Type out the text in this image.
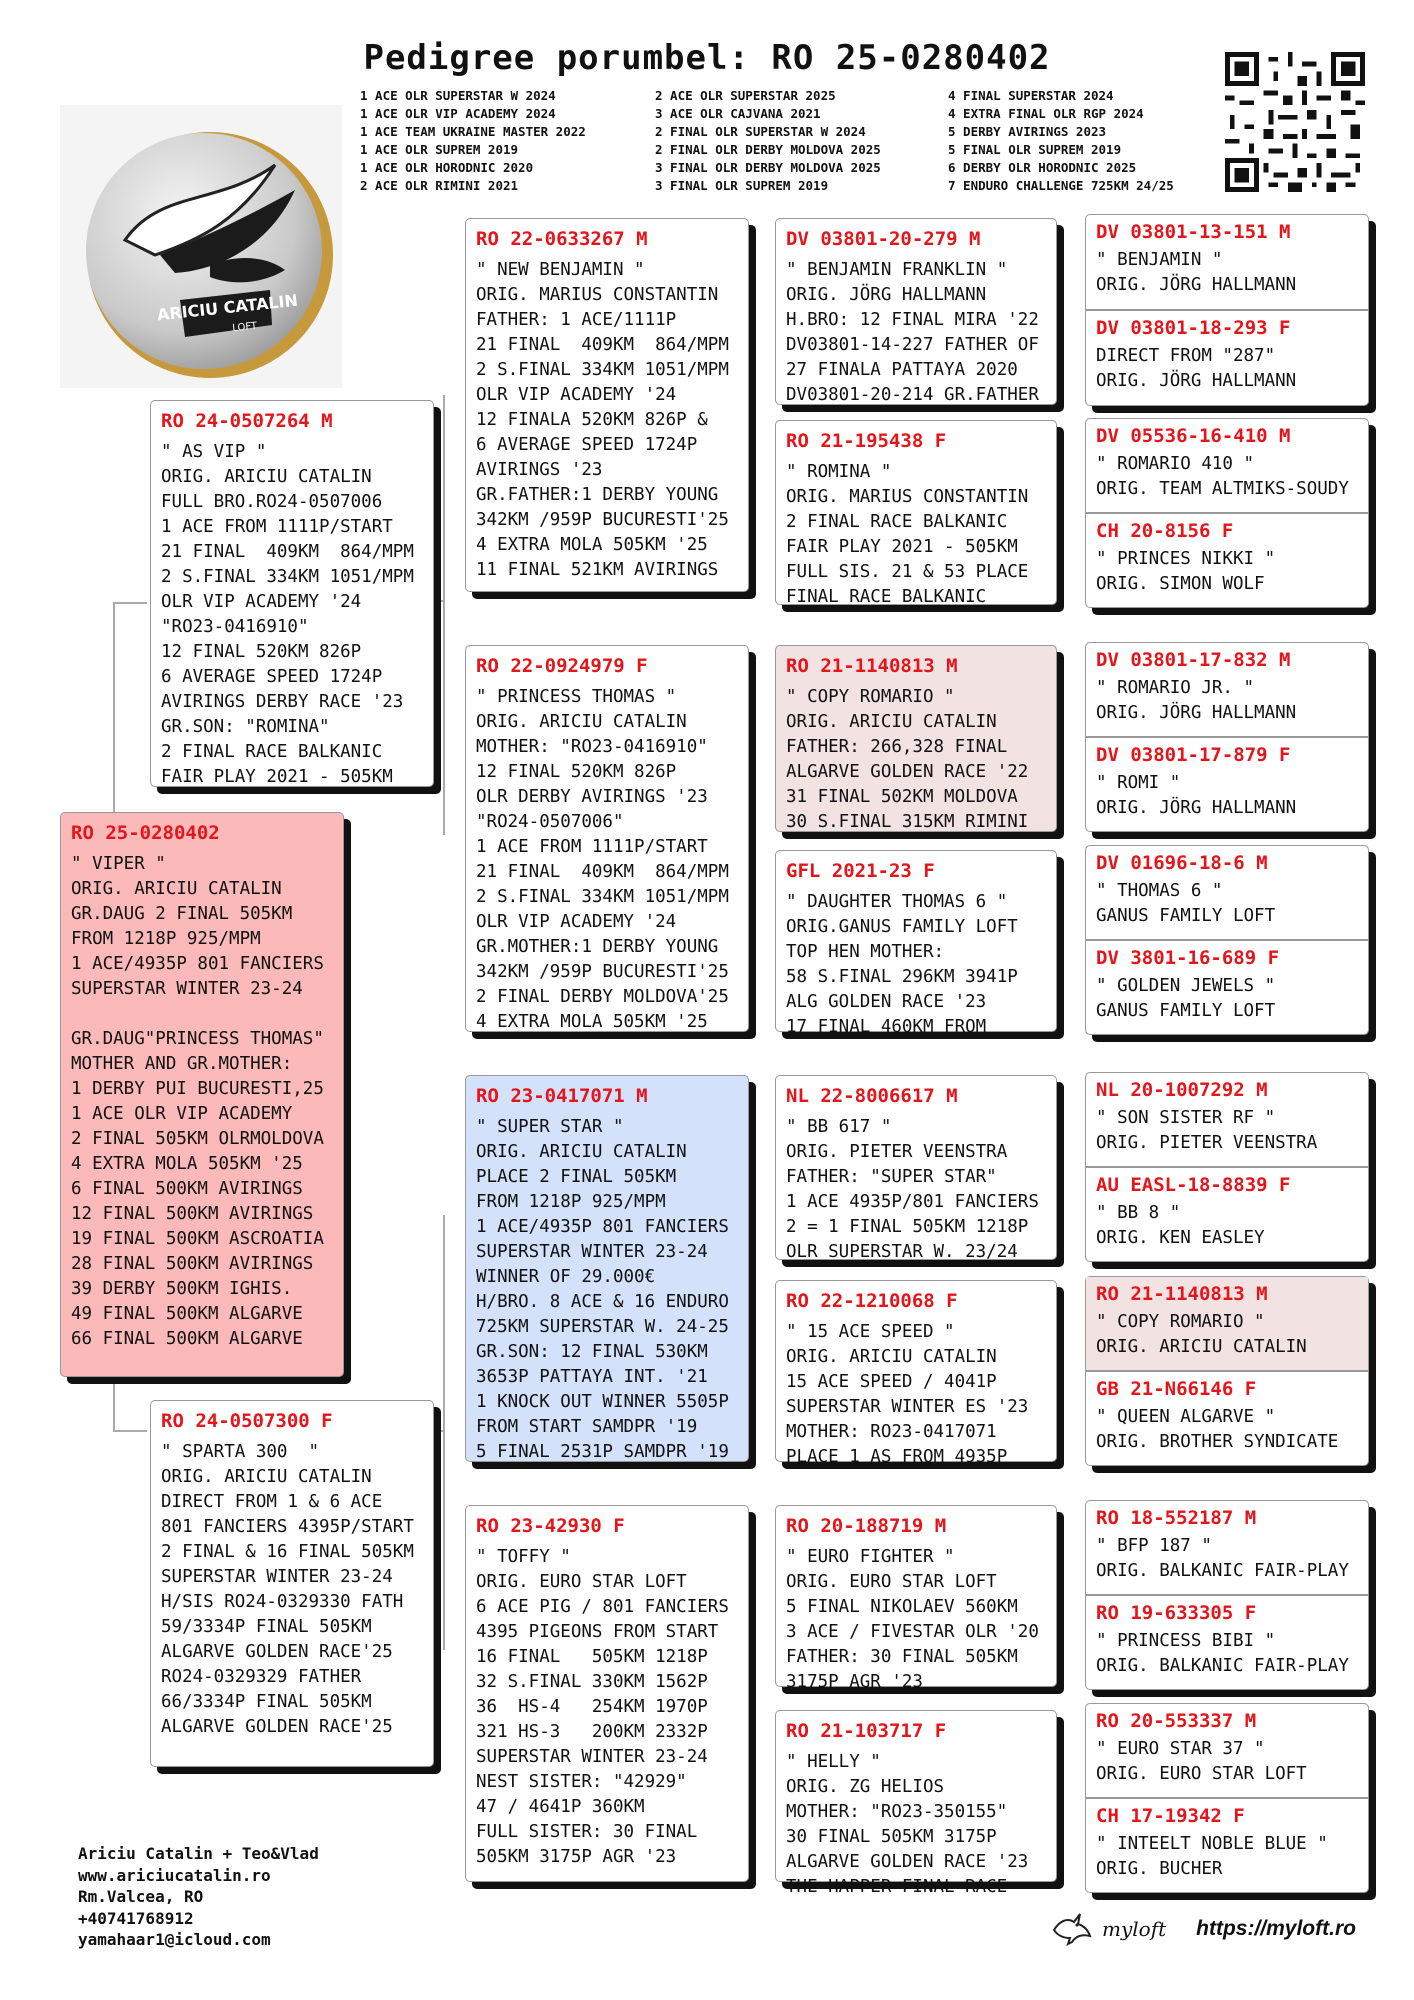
Pedigree porumbel: RO 25-0280402
1 ACE OLR SUPERSTAR W 2024
1 ACE OLR VIP ACADEMY 2024
1 ACE TEAM UKRAINE MASTER 2022
1 ACE OLR SUPREM 2019
1 ACE OLR HORODNIC 2020
2 ACE OLR RIMINI 2021
2 ACE OLR SUPERSTAR 2025
3 ACE OLR CAJVANA 2021
2 FINAL OLR SUPERSTAR W 2024
2 FINAL OLR DERBY MOLDOVA 2025
3 FINAL OLR DERBY MOLDOVA 2025
3 FINAL OLR SUPREM 2019
4 FINAL SUPERSTAR 2024
4 EXTRA FINAL OLR RGP 2024
5 DERBY AVIRINGS 2023
5 FINAL OLR SUPREM 2019
6 DERBY OLR HORODNIC 2025
7 ENDURO CHALLENGE 725KM 24/25
ARICIU CATALIN
LOFT
RO 25-0280402
" VIPER "
ORIG. ARICIU CATALIN
GR.DAUG 2 FINAL 505KM
FROM 1218P 925/MPM
1 ACE/4935P 801 FANCIERS
SUPERSTAR WINTER 23-24

GR.DAUG"PRINCESS THOMAS"
MOTHER AND GR.MOTHER:
1 DERBY PUI BUCURESTI,25
1 ACE OLR VIP ACADEMY
2 FINAL 505KM OLRMOLDOVA
4 EXTRA MOLA 505KM '25
6 FINAL 500KM AVIRINGS
12 FINAL 500KM AVIRINGS
19 FINAL 500KM ASCROATIA
28 FINAL 500KM AVIRINGS
39 DERBY 500KM IGHIS.
49 FINAL 500KM ALGARVE
66 FINAL 500KM ALGARVE
RO 24-0507264 M
" AS VIP "
ORIG. ARICIU CATALIN
FULL BRO.RO24-0507006
1 ACE FROM 1111P/START
21 FINAL  409KM  864/MPM
2 S.FINAL 334KM 1051/MPM
OLR VIP ACADEMY '24
"RO23-0416910"
12 FINAL 520KM 826P
6 AVERAGE SPEED 1724P
AVIRINGS DERBY RACE '23
GR.SON: "ROMINA"
2 FINAL RACE BALKANIC
FAIR PLAY 2021 - 505KM
RO 24-0507300 F
" SPARTA 300  "
ORIG. ARICIU CATALIN
DIRECT FROM 1 & 6 ACE
801 FANCIERS 4395P/START
2 FINAL & 16 FINAL 505KM
SUPERSTAR WINTER 23-24
H/SIS RO24-0329330 FATH
59/3334P FINAL 505KM
ALGARVE GOLDEN RACE'25
RO24-0329329 FATHER
66/3334P FINAL 505KM
ALGARVE GOLDEN RACE'25
RO 22-0633267 M
" NEW BENJAMIN "
ORIG. MARIUS CONSTANTIN
FATHER: 1 ACE/1111P
21 FINAL  409KM  864/MPM
2 S.FINAL 334KM 1051/MPM
OLR VIP ACADEMY '24
12 FINALA 520KM 826P &
6 AVERAGE SPEED 1724P
AVIRINGS '23
GR.FATHER:1 DERBY YOUNG
342KM /959P BUCURESTI'25
4 EXTRA MOLA 505KM '25
11 FINAL 521KM AVIRINGS
RO 22-0924979 F
" PRINCESS THOMAS "
ORIG. ARICIU CATALIN
MOTHER: "RO23-0416910"
12 FINAL 520KM 826P
OLR DERBY AVIRINGS '23
"RO24-0507006"
1 ACE FROM 1111P/START
21 FINAL  409KM  864/MPM
2 S.FINAL 334KM 1051/MPM
OLR VIP ACADEMY '24
GR.MOTHER:1 DERBY YOUNG
342KM /959P BUCURESTI'25
2 FINAL DERBY MOLDOVA'25
4 EXTRA MOLA 505KM '25
RO 23-0417071 M
" SUPER STAR "
ORIG. ARICIU CATALIN
PLACE 2 FINAL 505KM
FROM 1218P 925/MPM
1 ACE/4935P 801 FANCIERS
SUPERSTAR WINTER 23-24
WINNER OF 29.000€
H/BRO. 8 ACE & 16 ENDURO
725KM SUPERSTAR W. 24-25
GR.SON: 12 FINAL 530KM
3653P PATTAYA INT. '21
1 KNOCK OUT WINNER 5505P
FROM START SAMDPR '19
5 FINAL 2531P SAMDPR '19
RO 23-42930 F
" TOFFY "
ORIG. EURO STAR LOFT
6 ACE PIG / 801 FANCIERS
4395 PIGEONS FROM START
16 FINAL   505KM 1218P
32 S.FINAL 330KM 1562P
36  HS-4   254KM 1970P
321 HS-3   200KM 2332P
SUPERSTAR WINTER 23-24
NEST SISTER: "42929"
47 / 4641P 360KM
FULL SISTER: 30 FINAL
505KM 3175P AGR '23
DV 03801-20-279 M
" BENJAMIN FRANKLIN "
ORIG. JÖRG HALLMANN
H.BRO: 12 FINAL MIRA '22
DV03801-14-227 FATHER OF
27 FINALA PATTAYA 2020
DV03801-20-214 GR.FATHER
RO 21-195438 F
" ROMINA "
ORIG. MARIUS CONSTANTIN
2 FINAL RACE BALKANIC
FAIR PLAY 2021 - 505KM
FULL SIS. 21 & 53 PLACE
FINAL RACE BALKANIC
RO 21-1140813 M
" COPY ROMARIO "
ORIG. ARICIU CATALIN
FATHER: 266,328 FINAL
ALGARVE GOLDEN RACE '22
31 FINAL 502KM MOLDOVA
30 S.FINAL 315KM RIMINI
GFL 2021-23 F
" DAUGHTER THOMAS 6 "
ORIG.GANUS FAMILY LOFT
TOP HEN MOTHER:
58 S.FINAL 296KM 3941P
ALG GOLDEN RACE '23
17 FINAL 460KM FROM
NL 22-8006617 M
" BB 617 "
ORIG. PIETER VEENSTRA
FATHER: "SUPER STAR"
1 ACE 4935P/801 FANCIERS
2 = 1 FINAL 505KM 1218P
OLR SUPERSTAR W. 23/24
RO 22-1210068 F
" 15 ACE SPEED "
ORIG. ARICIU CATALIN
15 ACE SPEED / 4041P
SUPERSTAR WINTER ES '23
MOTHER: RO23-0417071
PLACE 1 AS FROM 4935P
RO 20-188719 M
" EURO FIGHTER "
ORIG. EURO STAR LOFT
5 FINAL NIKOLAEV 560KM
3 ACE / FIVESTAR OLR '20
FATHER: 30 FINAL 505KM
3175P AGR '23
RO 21-103717 F
" HELLY "
ORIG. ZG HELIOS
MOTHER: "RO23-350155"
30 FINAL 505KM 3175P
ALGARVE GOLDEN RACE '23
THE HAPPER FINAL RACE
DV 03801-13-151 M
" BENJAMIN "
ORIG. JÖRG HALLMANN
DV 03801-18-293 F
DIRECT FROM "287"
ORIG. JÖRG HALLMANN
DV 05536-16-410 M
" ROMARIO 410 "
ORIG. TEAM ALTMIKS-SOUDY
CH 20-8156 F
" PRINCES NIKKI "
ORIG. SIMON WOLF
DV 03801-17-832 M
" ROMARIO JR. "
ORIG. JÖRG HALLMANN
DV 03801-17-879 F
" ROMI "
ORIG. JÖRG HALLMANN
DV 01696-18-6 M
" THOMAS 6 "
GANUS FAMILY LOFT
DV 3801-16-689 F
" GOLDEN JEWELS "
GANUS FAMILY LOFT
NL 20-1007292 M
" SON SISTER RF "
ORIG. PIETER VEENSTRA
AU EASL-18-8839 F
" BB 8 "
ORIG. KEN EASLEY
RO 21-1140813 M
" COPY ROMARIO "
ORIG. ARICIU CATALIN
GB 21-N66146 F
" QUEEN ALGARVE "
ORIG. BROTHER SYNDICATE
RO 18-552187 M
" BFP 187 "
ORIG. BALKANIC FAIR-PLAY
RO 19-633305 F
" PRINCESS BIBI "
ORIG. BALKANIC FAIR-PLAY
RO 20-553337 M
" EURO STAR 37 "
ORIG. EURO STAR LOFT
CH 17-19342 F
" INTEELT NOBLE BLUE "
ORIG. BUCHER
Ariciu Catalin + Teo&Vlad
www.ariciucatalin.ro
Rm.Valcea, RO
+40741768912
yamahaar1@icloud.com	myloft https://myloft.ro
